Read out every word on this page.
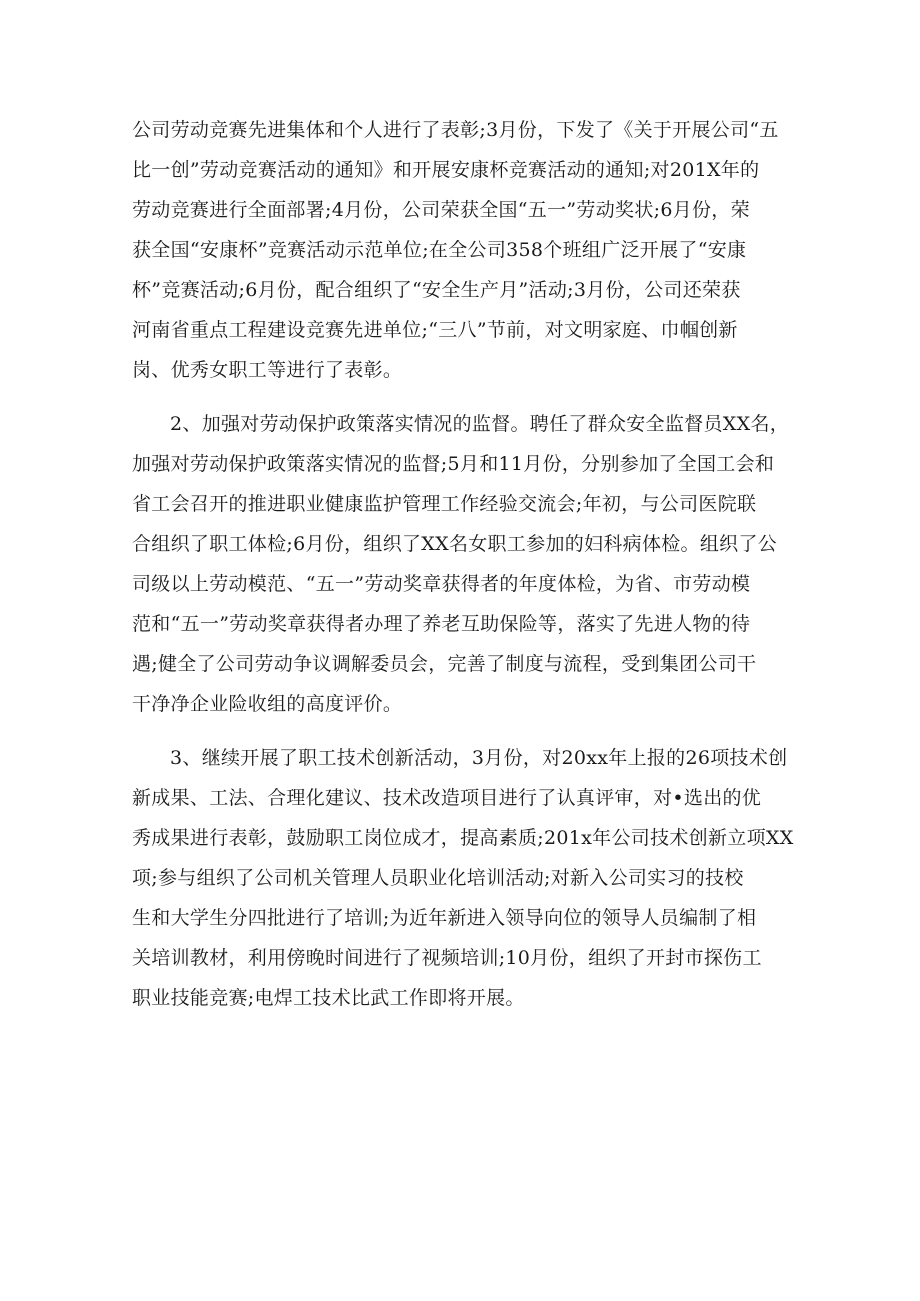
公司劳动竞赛先进集体和个人进行了表彰;3月份，下发了《关于开展公司“五
比一创”劳动竞赛活动的通知》和开展安康杯竞赛活动的通知;对201X年的
劳动竞赛进行全面部署;4月份，公司荣获全国“五一”劳动奖状;6月份，荣
获全国“安康杯”竞赛活动示范单位;在全公司358个班组广泛开展了“安康
杯”竞赛活动;6月份，配合组织了“安全生产月”活动;3月份，公司还荣获
河南省重点工程建设竞赛先进单位;“三八”节前，对文明家庭、巾帼创新
岗、优秀女职工等进行了表彰。

2、加强对劳动保护政策落实情况的监督。聘任了群众安全监督员XX名，
加强对劳动保护政策落实情况的监督;5月和11月份，分别参加了全国工会和
省工会召开的推进职业健康监护管理工作经验交流会;年初，与公司医院联
合组织了职工体检;6月份，组织了XX名女职工参加的妇科病体检。组织了公
司级以上劳动模范、“五一”劳动奖章获得者的年度体检，为省、市劳动模
范和“五一”劳动奖章获得者办理了养老互助保险等，落实了先进人物的待
遇;健全了公司劳动争议调解委员会，完善了制度与流程，受到集团公司干
干净净企业险收组的高度评价。

3、继续开展了职工技术创新活动，3月份，对20xx年上报的26项技术创
新成果、工法、合理化建议、技术改造项目进行了认真评审，对•选出的优
秀成果进行表彰，鼓励职工岗位成才，提高素质;201x年公司技术创新立项XX
项;参与组织了公司机关管理人员职业化培训活动;对新入公司实习的技校
生和大学生分四批进行了培训;为近年新进入领导向位的领导人员编制了相
关培训教材，利用傍晚时间进行了视频培训;10月份，组织了开封市探伤工
职业技能竞赛;电焊工技术比武工作即将开展。
